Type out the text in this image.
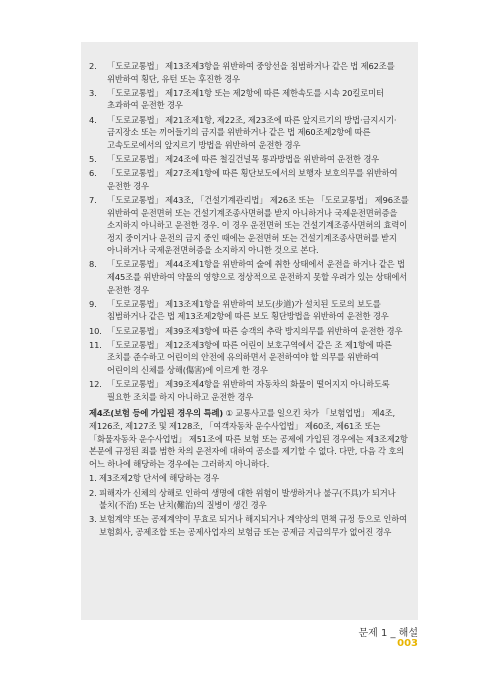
2. 「도로교통법」 제13조제3항을 위반하여 중앙선을 침범하거나 같은 법 제62조를 위반하여 횡단, 유턴 또는 후진한 경우

3. 「도로교통법」 제17조제1항 또는 제2항에 따른 제한속도를 시속 20킬로미터 초과하여 운전한 경우

4. 「도로교통법」 제21조제1항, 제22조, 제23조에 따른 앞지르기의 방법·금지시기·금지장소 또는 끼어들기의 금지를 위반하거나 같은 법 제60조제2항에 따른 고속도로에서의 앞지르기 방법을 위반하여 운전한 경우

5. 「도로교통법」 제24조에 따른 철길건널목 통과방법을 위반하여 운전한 경우

6. 「도로교통법」 제27조제1항에 따른 횡단보도에서의 보행자 보호의무를 위반하여 운전한 경우

7. 「도로교통법」 제43조, 「건설기계관리법」 제26조 또는 「도로교통법」 제96조를 위반하여 운전면허 또는 건설기계조종사면허를 받지 아니하거나 국제운전면허증을 소지하지 아니하고 운전한 경우. 이 경우 운전면허 또는 건설기계조종사면허의 효력이 정지 중이거나 운전의 금지 중인 때에는 운전면허 또는 건설기계조종사면허를 받지 아니하거나 국제운전면허증을 소지하지 아니한 것으로 본다.

8. 「도로교통법」 제44조제1항을 위반하여 술에 취한 상태에서 운전을 하거나 같은 법 제45조를 위반하여 약물의 영향으로 정상적으로 운전하지 못할 우려가 있는 상태에서 운전한 경우

9. 「도로교통법」 제13조제1항을 위반하여 보도(步道)가 설치된 도로의 보도를 침범하거나 같은 법 제13조제2항에 따른 보도 횡단방법을 위반하여 운전한 경우

10. 「도로교통법」 제39조제3항에 따른 승객의 추락 방지의무를 위반하여 운전한 경우

11. 「도로교통법」 제12조제3항에 따른 어린이 보호구역에서 같은 조 제1항에 따른 조치를 준수하고 어린이의 안전에 유의하면서 운전하여야 할 의무를 위반하여 어린이의 신체를 상해(傷害)에 이르게 한 경우

12. 「도로교통법」 제39조제4항을 위반하여 자동차의 화물이 떨어지지 아니하도록 필요한 조치를 하지 아니하고 운전한 경우

제4조(보험 등에 가입된 경우의 특례) ① 교통사고를 일으킨 차가 「보험업법」 제4조, 제126조, 제127조 및 제128조, 「여객자동차 운수사업법」 제60조, 제61조 또는 「화물자동차 운수사업법」 제51조에 따른 보험 또는 공제에 가입된 경우에는 제3조제2항 본문에 규정된 죄를 범한 차의 운전자에 대하여 공소를 제기할 수 없다. 다만, 다음 각 호의 어느 하나에 해당하는 경우에는 그러하지 아니하다.

1. 제3조제2항 단서에 해당하는 경우

2. 피해자가 신체의 상해로 인하여 생명에 대한 위험이 발생하거나 불구(不具)가 되거나 불치(不治) 또는 난치(難治)의 질병이 생긴 경우

3. 보험계약 또는 공제계약이 무효로 되거나 해지되거나 계약상의 면책 규정 등으로 인하여 보험회사, 공제조합 또는 공제사업자의 보험금 또는 공제금 지급의무가 없어진 경우

문제 1 _ 해설
003
